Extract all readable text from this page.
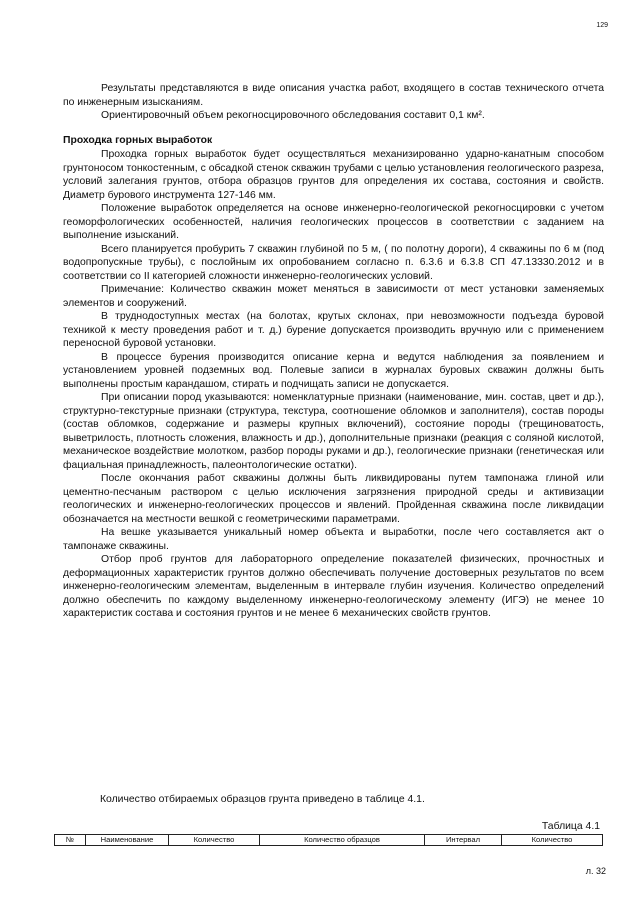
129

Результаты представляются в виде описания участка работ, входящего в состав технического отчета по инженерным изысканиям.

Ориентировочный объем рекогносцировочного обследования составит 0,1 км².

Проходка горных выработок

Проходка горных выработок будет осуществляться механизированно ударно-канатным способом грунтоносом тонкостенным, с обсадкой стенок скважин трубами с целью установления геологического разреза, условий залегания грунтов, отбора образцов грунтов для определения их состава, состояния и свойств. Диаметр бурового инструмента 127-146 мм.

Положение выработок определяется на основе инженерно-геологической рекогносцировки с учетом геоморфологических особенностей, наличия геологических процессов в соответствии с заданием на выполнение изысканий.

Всего планируется пробурить 7 скважин глубиной по 5 м, ( по полотну дороги), 4 скважины по 6 м (под водопропускные трубы), с послойным их опробованием согласно п. 6.3.6 и 6.3.8 СП 47.13330.2012 и в соответствии со II категорией сложности инженерно-геологических условий.

Примечание: Количество скважин может меняться в зависимости от мест установки заменяемых элементов и сооружений.

В труднодоступных местах (на болотах, крутых склонах, при невозможности подъезда буровой техникой к месту проведения работ и т. д.) бурение допускается производить вручную или с применением переносной буровой установки.

В процессе бурения производится описание керна и ведутся наблюдения за появлением и установлением уровней подземных вод. Полевые записи в журналах буровых скважин должны быть выполнены простым карандашом, стирать и подчищать записи не допускается.

При описании пород указываются: номенклатурные признаки (наименование, мин. состав, цвет и др.), структурно-текстурные признаки (структура, текстура, соотношение обломков и заполнителя), состав породы (состав обломков, содержание и размеры крупных включений), состояние породы (трещиноватость, выветрилость, плотность сложения, влажность и др.), дополнительные признаки (реакция с соляной кислотой, механическое воздействие молотком, разбор породы руками и др.), геологические признаки (генетическая или фациальная принадлежность, палеонтологические остатки).

После окончания работ скважины должны быть ликвидированы путем тампонажа глиной или цементно-песчаным раствором с целью исключения загрязнения природной среды и активизации геологических и инженерно-геологических процессов и явлений. Пройденная скважина после ликвидации обозначается на местности вешкой с геометрическими параметрами.

На вешке указывается уникальный номер объекта и выработки, после чего составляется акт о тампонаже скважины.

Отбор проб грунтов для лабораторного определение показателей физических, прочностных и деформационных характеристик грунтов должно обеспечивать получение достоверных результатов по всем инженерно-геологическим элементам, выделенным в интервале глубин изучения. Количество определений должно обеспечить по каждому выделенному инженерно-геологическому элементу (ИГЭ) не менее 10 характеристик состава и состояния грунтов и не менее 6 механических свойств грунтов.

Количество отбираемых образцов грунта приведено в таблице 4.1.
Таблица 4.1
№	Наименование	Количество	Количество образцов	Интервал	Количество
л. 32
